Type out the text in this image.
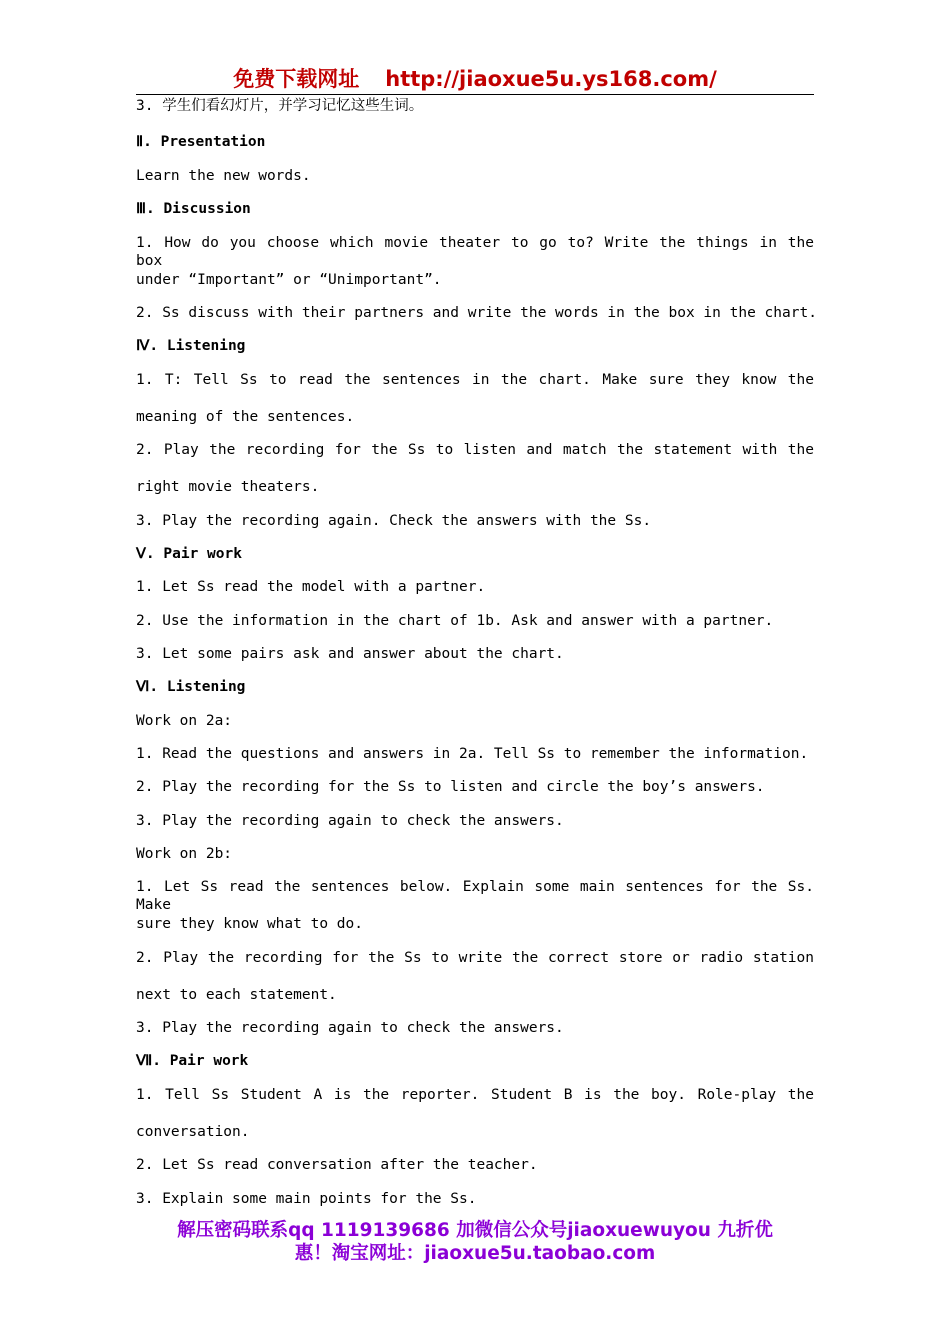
免费下载网址 http://jiaoxue5u.ys168.com/
3. 学生们看幻灯片，并学习记忆这些生词。
Ⅱ. Presentation
Learn the new words.
Ⅲ. Discussion
1. How do you choose which movie theater to go to? Write the things in the box
under “Important” or “Unimportant”.
2. Ss discuss with their partners and write the words in the box in the chart.
Ⅳ. Listening
1. T: Tell Ss to read the sentences in the chart. Make sure they know the
meaning of the sentences.
2. Play the recording for the Ss to listen and match the statement with the
right movie theaters.
3. Play the recording again. Check the answers with the Ss.
Ⅴ. Pair work
1. Let Ss read the model with a partner.
2. Use the information in the chart of 1b. Ask and answer with a partner.
3. Let some pairs ask and answer about the chart.
Ⅵ. Listening
Work on 2a:
1. Read the questions and answers in 2a. Tell Ss to remember the information.
2. Play the recording for the Ss to listen and circle the boy’s answers.
3. Play the recording again to check the answers.
Work on 2b:
1. Let Ss read the sentences below. Explain some main sentences for the Ss. Make
sure they know what to do.
2. Play the recording for the Ss to write the correct store or radio station
next to each statement.
3. Play the recording again to check the answers.
Ⅶ. Pair work
1. Tell Ss Student A is the reporter. Student B is the boy. Role-play the
conversation.
2. Let Ss read conversation after the teacher.
3. Explain some main points for the Ss.
解压密码联系qq 1119139686 加微信公众号jiaoxuewuyou 九折优
惠！淘宝网址：jiaoxue5u.taobao.com
